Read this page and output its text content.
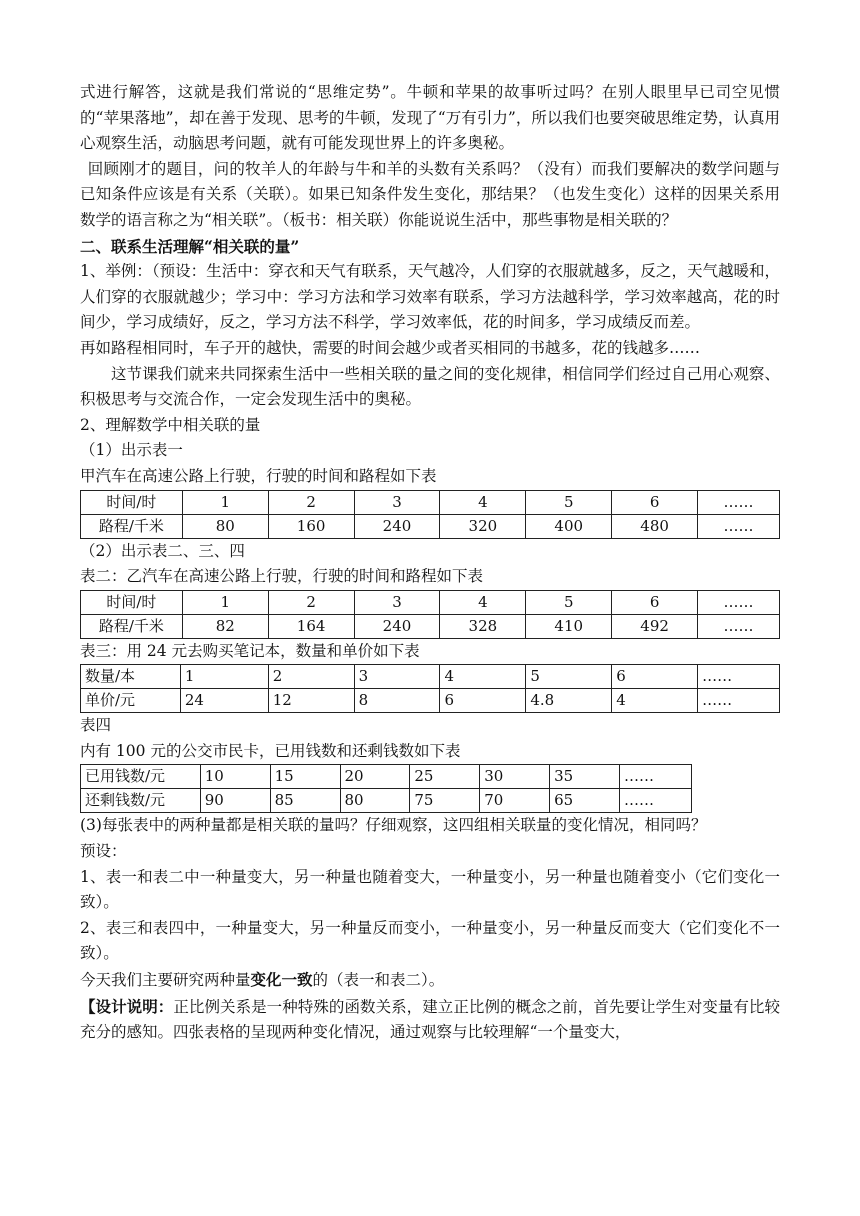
式进行解答，这就是我们常说的“思维定势”。牛顿和苹果的故事听过吗？在别人眼里早已司空见惯的“苹果落地”，却在善于发现、思考的牛顿，发现了“万有引力”，所以我们也要突破思维定势，认真用心观察生活，动脑思考问题，就有可能发现世界上的许多奥秘。

回顾刚才的题目，问的牧羊人的年龄与牛和羊的头数有关系吗？（没有）而我们要解决的数学问题与已知条件应该是有关系（关联）。如果已知条件发生变化，那结果？（也发生变化）这样的因果关系用数学的语言称之为“相关联”。（板书：相关联）你能说说生活中，那些事物是相关联的？

二、联系生活理解“相关联的量”

1、举例：（预设：生活中：穿衣和天气有联系，天气越冷，人们穿的衣服就越多，反之，天气越暖和，人们穿的衣服就越少；学习中：学习方法和学习效率有联系，学习方法越科学，学习效率越高，花的时间少，学习成绩好，反之，学习方法不科学，学习效率低，花的时间多，学习成绩反而差。

再如路程相同时，车子开的越快，需要的时间会越少或者买相同的书越多，花的钱越多……

这节课我们就来共同探索生活中一些相关联的量之间的变化规律，相信同学们经过自己用心观察、积极思考与交流合作，一定会发现生活中的奥秘。

2、理解数学中相关联的量

（1）出示表一

甲汽车在高速公路上行驶，行驶的时间和路程如下表

时间/时	1	2	3	4	5	6	……
路程/千米	80	160	240	320	400	480	……

（2）出示表二、三、四

表二：乙汽车在高速公路上行驶，行驶的时间和路程如下表

时间/时	1	2	3	4	5	6	……
路程/千米	82	164	240	328	410	492	……

表三：用 24 元去购买笔记本，数量和单价如下表

数量/本	1	2	3	4	5	6	……
单价/元	24	12	8	6	4.8	4	……

表四

内有 100 元的公交市民卡，已用钱数和还剩钱数如下表

已用钱数/元	10	15	20	25	30	35	……
还剩钱数/元	90	85	80	75	70	65	……

(3)每张表中的两种量都是相关联的量吗？仔细观察，这四组相关联量的变化情况，相同吗？

预设：

1、表一和表二中一种量变大，另一种量也随着变大，一种量变小，另一种量也随着变小（它们变化一致）。

2、表三和表四中，一种量变大，另一种量反而变小，一种量变小，另一种量反而变大（它们变化不一致）。

今天我们主要研究两种量变化一致的（表一和表二）。

【设计说明：正比例关系是一种特殊的函数关系，建立正比例的概念之前，首先要让学生对变量有比较充分的感知。四张表格的呈现两种变化情况，通过观察与比较理解“一个量变大，
